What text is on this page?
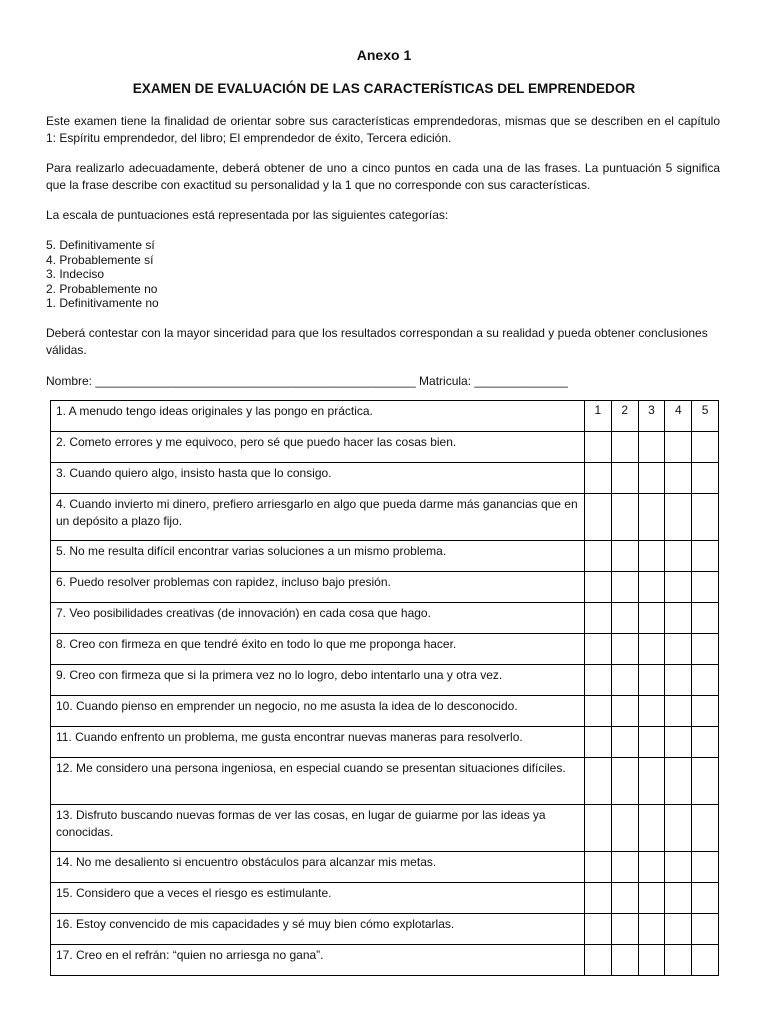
Anexo 1
EXAMEN DE EVALUACIÓN DE LAS CARACTERÍSTICAS DEL EMPRENDEDOR

Este examen tiene la finalidad de orientar sobre sus características emprendedoras, mismas que se describen en el capítulo 1: Espíritu emprendedor, del libro; El emprendedor de éxito, Tercera edición.

Para realizarlo adecuadamente, deberá obtener de uno a cinco puntos en cada una de las frases. La puntuación 5 significa que la frase describe con exactitud su personalidad y la 1 que no corresponde con sus características.

La escala de puntuaciones está representada por las siguientes categorías:

5. Definitivamente sí
4. Probablemente sí
3. Indeciso
2. Probablemente no
1. Definitivamente no

Deberá contestar con la mayor sinceridad para que los resultados correspondan a su realidad y pueda obtener conclusiones válidas.

Nombre: ________________________________________________ Matricula: ______________
1. A menudo tengo ideas originales y las pongo en práctica.	1	2	3	4	5
2. Cometo errores y me equivoco, pero sé que puedo hacer las cosas bien.					
3. Cuando quiero algo, insisto hasta que lo consigo.					
4. Cuando invierto mi dinero, prefiero arriesgarlo en algo que pueda darme más ganancias que en un depósito a plazo fijo.					
5. No me resulta difícil encontrar varias soluciones a un mismo problema.					
6. Puedo resolver problemas con rapidez, incluso bajo presión.					
7. Veo posibilidades creativas (de innovación) en cada cosa que hago.					
8. Creo con firmeza en que tendré éxito en todo lo que me proponga hacer.					
9. Creo con firmeza que si la primera vez no lo logro, debo intentarlo una y otra vez.					
10. Cuando pienso en emprender un negocio, no me asusta la idea de lo desconocido.					
11. Cuando enfrento un problema, me gusta encontrar nuevas maneras para resolverlo.					
12. Me considero una persona ingeniosa, en especial cuando se presentan situaciones difíciles.					
13. Disfruto buscando nuevas formas de ver las cosas, en lugar de guiarme por las ideas ya conocidas.					
14. No me desaliento si encuentro obstáculos para alcanzar mis metas.					
15. Considero que a veces el riesgo es estimulante.					
16. Estoy convencido de mis capacidades y sé muy bien cómo explotarlas.					
17. Creo en el refrán: “quien no arriesga no gana”.					
